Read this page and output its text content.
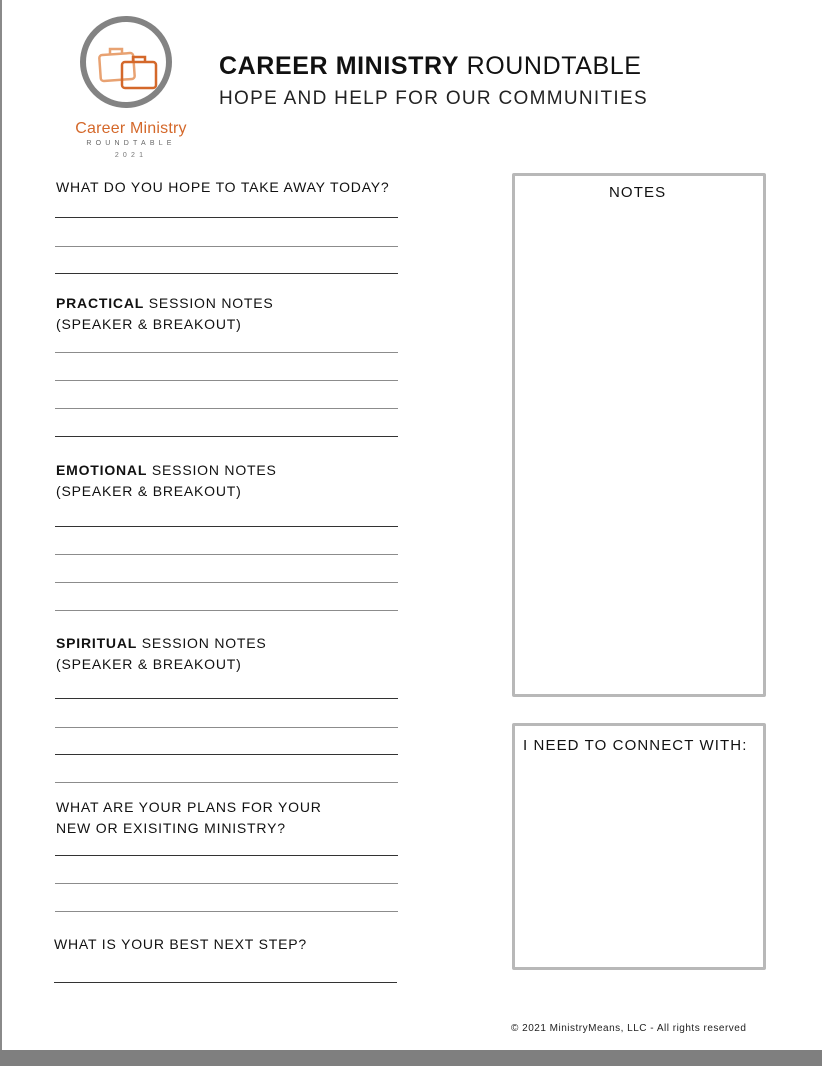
Career Ministry
ROUNDTABLE
2021
CAREER MINISTRY ROUNDTABLE
HOPE AND HELP FOR OUR COMMUNITIES
WHAT DO YOU HOPE TO TAKE AWAY TODAY?
PRACTICAL SESSION NOTES
(SPEAKER & BREAKOUT)
EMOTIONAL SESSION NOTES
(SPEAKER & BREAKOUT)
SPIRITUAL SESSION NOTES
(SPEAKER & BREAKOUT)
WHAT ARE YOUR PLANS FOR YOUR
NEW OR EXISITING MINISTRY?
WHAT IS YOUR BEST NEXT STEP?
NOTES
I NEED TO CONNECT WITH:
© 2021 MinistryMeans, LLC - All rights reserved
